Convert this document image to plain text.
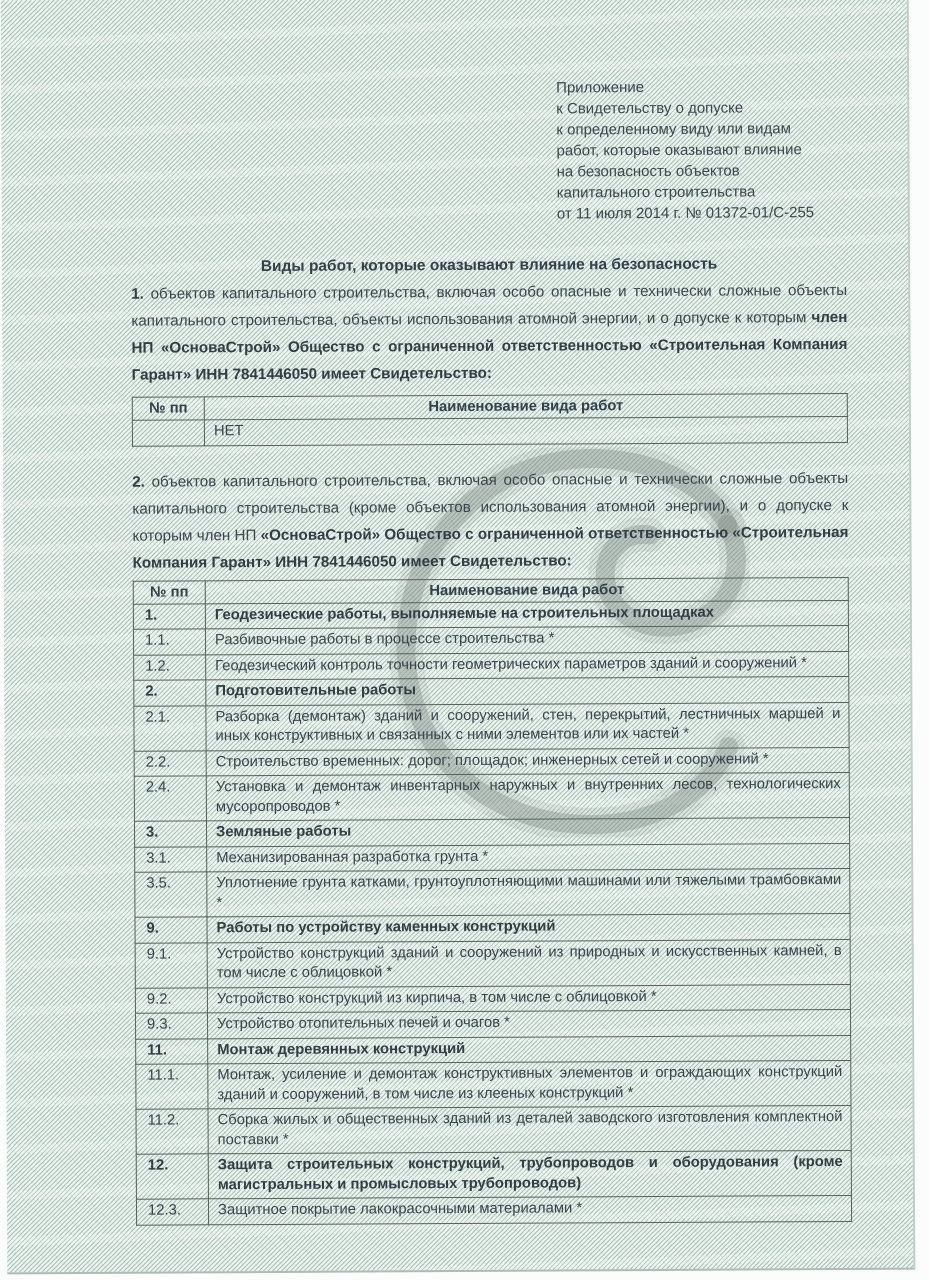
Приложение
к Свидетельству о допуске
к определенному виду или видам
работ, которые оказывают влияние
на безопасность объектов
капитального строительства
от 11 июля 2014 г. № 01372-01/С-255
Виды работ, которые оказывают влияние на безопасность
1. объектов капитального строительства, включая особо опасные и технически сложные объекты капитального строительства, объекты использования атомной энергии, и о допуске к которым член НП «ОсноваСтрой» Общество с ограниченной ответственностью «Строительная Компания Гарант» ИНН 7841446050 имеет Свидетельство:
№ пп	Наименование вида работ
	НЕТ
2. объектов капитального строительства, включая особо опасные и технически сложные объекты капитального строительства (кроме объектов использования атомной энергии), и о допуске к которым член НП «ОсноваСтрой» Общество с ограниченной ответственностью «Строительная Компания Гарант» ИНН 7841446050 имеет Свидетельство:
№ пп	Наименование вида работ
1.	Геодезические работы, выполняемые на строительных площадках
1.1.	Разбивочные работы в процессе строительства *
1.2.	Геодезический контроль точности геометрических параметров зданий и сооружений *
2.	Подготовительные работы
2.1.	Разборка (демонтаж) зданий и сооружений, стен, перекрытий, лестничных маршей и иных конструктивных и связанных с ними элементов или их частей *
2.2.	Строительство временных: дорог; площадок; инженерных сетей и сооружений *
2.4.	Установка и демонтаж инвентарных наружных и внутренних лесов, технологических мусоропроводов *
3.	Земляные работы
3.1.	Механизированная разработка грунта *
3.5.	Уплотнение грунта катками, грунтоуплотняющими машинами или тяжелыми трамбовками *
9.	Работы по устройству каменных конструкций
9.1.	Устройство конструкций зданий и сооружений из природных и искусственных камней, в том числе с облицовкой *
9.2.	Устройство конструкций из кирпича, в том числе с облицовкой *
9.3.	Устройство отопительных печей и очагов *
11.	Монтаж деревянных конструкций
11.1.	Монтаж, усиление и демонтаж конструктивных элементов и ограждающих конструкций зданий и сооружений, в том числе из клееных конструкций *
11.2.	Сборка жилых и общественных зданий из деталей заводского изготовления комплектной поставки *
12.	Защита строительных конструкций, трубопроводов и оборудования (кроме магистральных и промысловых трубопроводов)
12.3.	Защитное покрытие лакокрасочными материалами *
